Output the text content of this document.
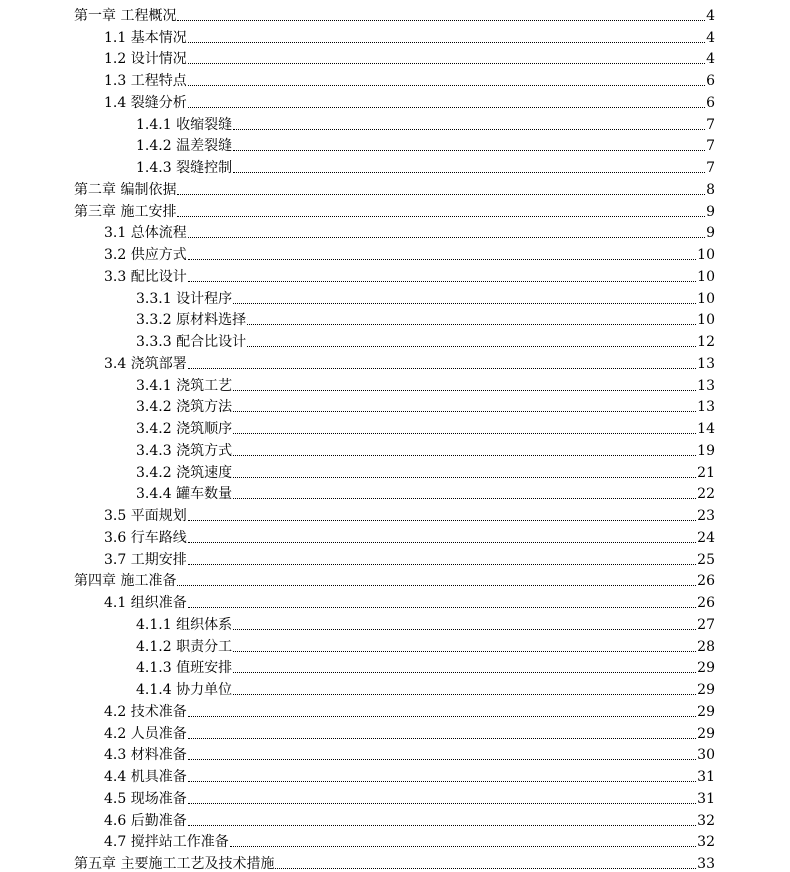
第一章 工程概况	4
1.1 基本情况	4
1.2 设计情况	4
1.3 工程特点	6
1.4 裂缝分析	6
1.4.1 收缩裂缝	7
1.4.2 温差裂缝	7
1.4.3 裂缝控制	7
第二章 编制依据	8
第三章 施工安排	9
3.1 总体流程	9
3.2 供应方式	10
3.3 配比设计	10
3.3.1 设计程序	10
3.3.2 原材料选择	10
3.3.3 配合比设计	12
3.4 浇筑部署	13
3.4.1 浇筑工艺	13
3.4.2 浇筑方法	13
3.4.2 浇筑顺序	14
3.4.3 浇筑方式	19
3.4.2 浇筑速度	21
3.4.4 罐车数量	22
3.5 平面规划	23
3.6 行车路线	24
3.7 工期安排	25
第四章 施工准备	26
4.1 组织准备	26
4.1.1 组织体系	27
4.1.2 职责分工	28
4.1.3 值班安排	29
4.1.4 协力单位	29
4.2 技术准备	29
4.2 人员准备	29
4.3 材料准备	30
4.4 机具准备	31
4.5 现场准备	31
4.6 后勤准备	32
4.7 搅拌站工作准备	32
第五章 主要施工工艺及技术措施	33
